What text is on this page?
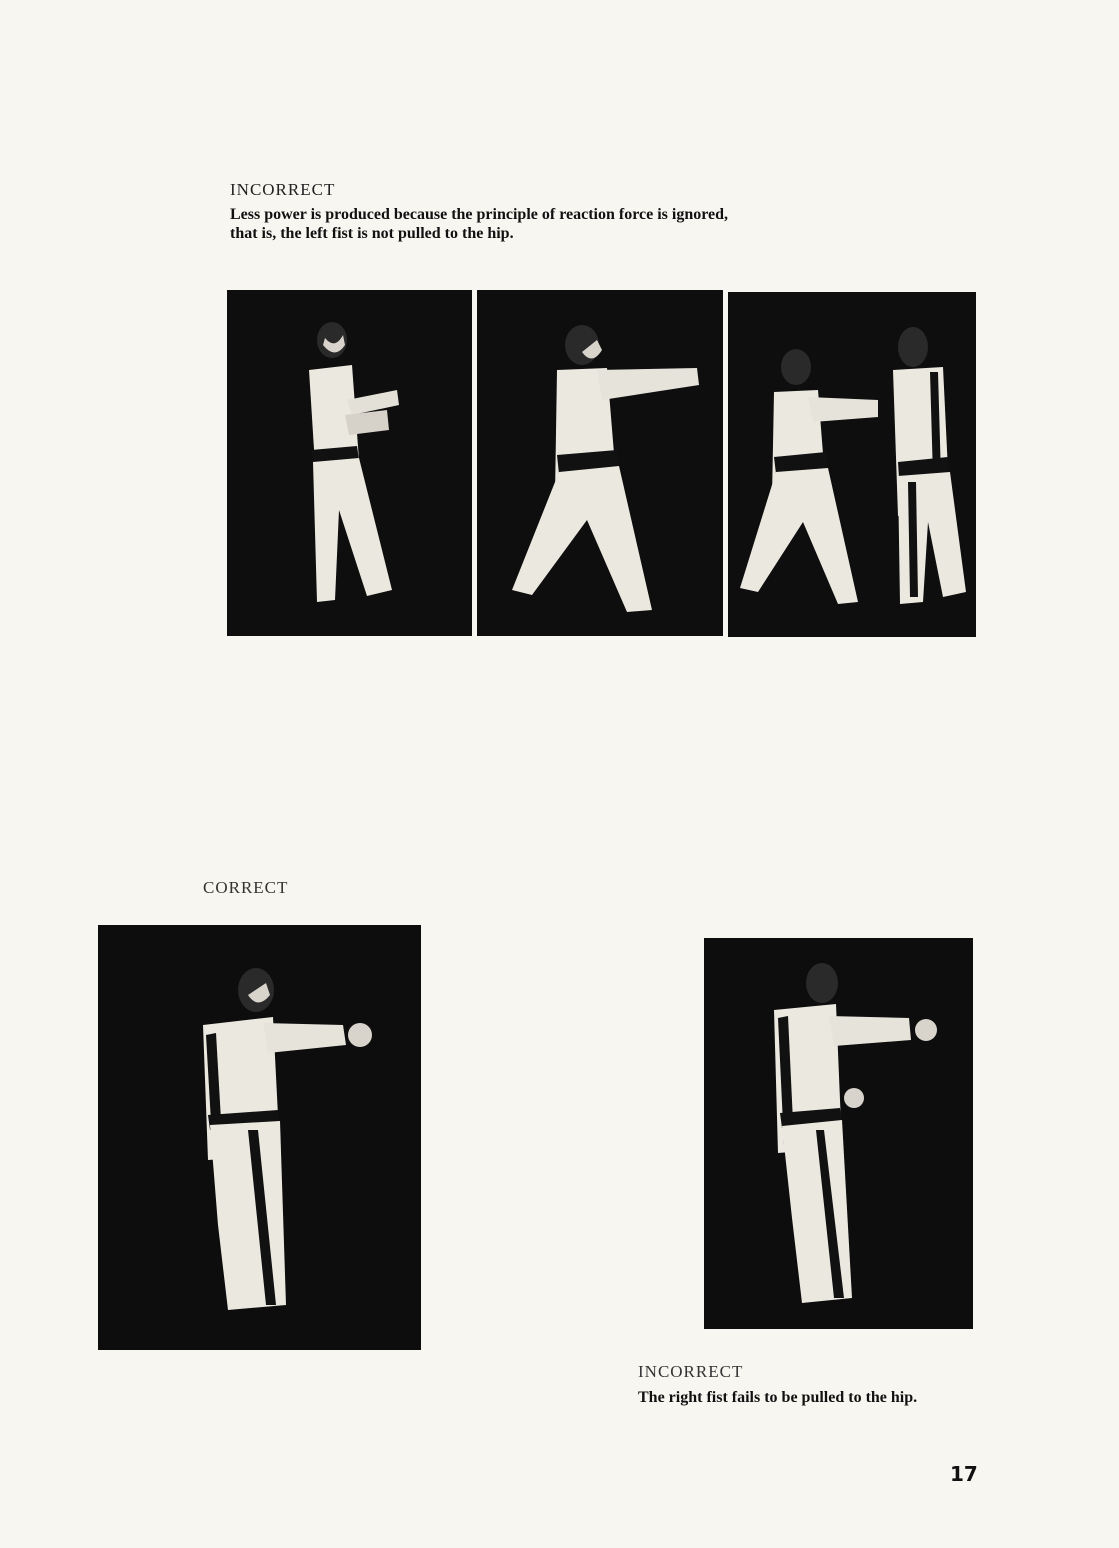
INCORRECT
Less power is produced because the principle of reaction force is ignored,
that is, the left fist is not pulled to the hip.
CORRECT
INCORRECT
The right fist fails to be pulled to the hip.
17
